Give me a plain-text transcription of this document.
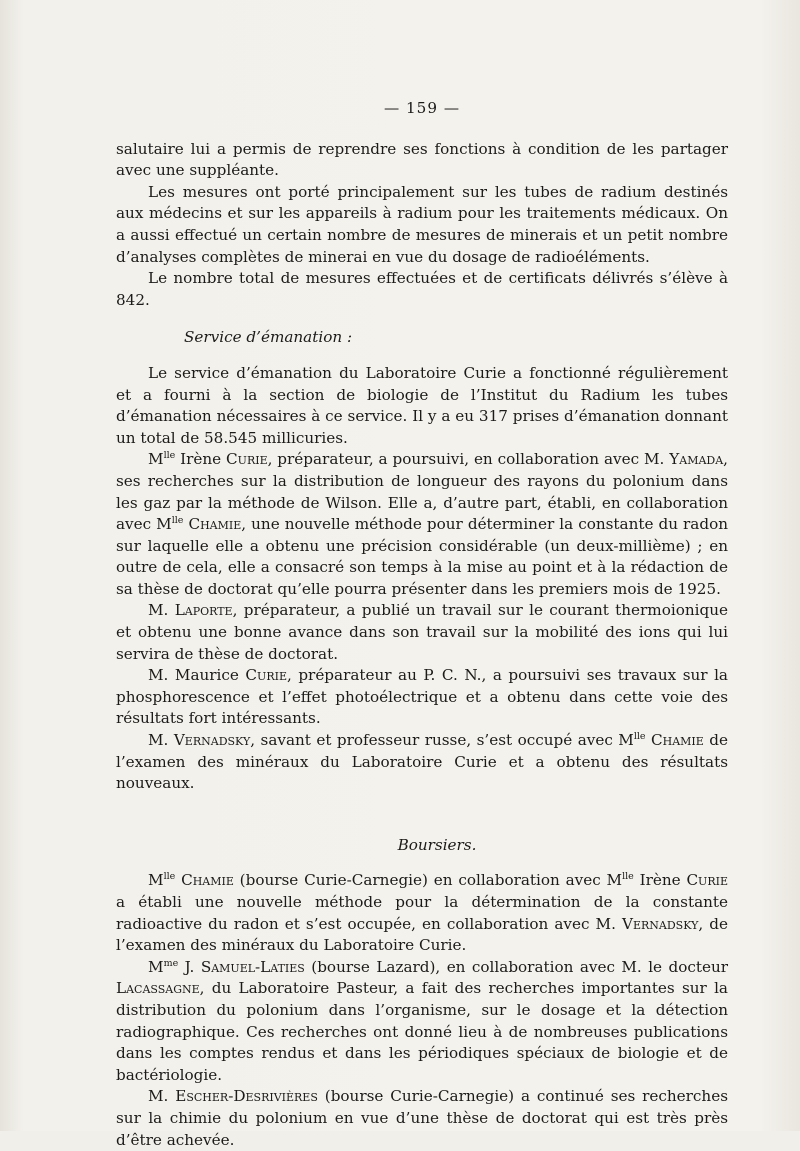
— 159 —

salutaire lui a permis de reprendre ses fonctions à condition de les partager avec une suppléante.

Les mesures ont porté principalement sur les tubes de radium destinés aux médecins et sur les appareils à radium pour les traitements médicaux. On a aussi effectué un certain nombre de mesures de minerais et un petit nombre d’analyses complètes de minerai en vue du dosage de radioéléments.

Le nombre total de mesures effectuées et de certificats délivrés s’élève à 842.

Service d’émanation :

Le service d’émanation du Laboratoire Curie a fonctionné régulièrement et a fourni à la section de biologie de l’Institut du Radium les tubes d’émanation nécessaires à ce service. Il y a eu 317 prises d’émanation donnant un total de 58.545 millicuries.

$M^{lle}$ Irène Curie, préparateur, a poursuivi, en collaboration avec M. Yamada, ses recherches sur la distribution de longueur des rayons du polonium dans les gaz par la méthode de Wilson. Elle a, d’autre part, établi, en collaboration avec $M^{lle}$ Chamie, une nouvelle méthode pour déterminer la constante du radon sur laquelle elle a obtenu une précision considérable (un deux-millième) ; en outre de cela, elle a consacré son temps à la mise au point et à la rédaction de sa thèse de doctorat qu’elle pourra présenter dans les premiers mois de 1925.

M. Laporte, préparateur, a publié un travail sur le courant thermoionique et obtenu une bonne avance dans son travail sur la mobilité des ions qui lui servira de thèse de doctorat.

M. Maurice Curie, préparateur au P. C. N., a poursuivi ses travaux sur la phosphorescence et l’effet photoélectrique et a obtenu dans cette voie des résultats fort intéressants.

M. Vernadsky, savant et professeur russe, s’est occupé avec $M^{lle}$ Chamie de l’examen des minéraux du Laboratoire Curie et a obtenu des résultats nouveaux.

Boursiers.

$M^{lle}$ Chamie (bourse Curie-Carnegie) en collaboration avec $M^{lle}$ Irène Curie a établi une nouvelle méthode pour la détermination de la constante radioactive du radon et s’est occupée, en collaboration avec M. Vernadsky, de l’examen des minéraux du Laboratoire Curie.

$M^{me}$ J. Samuel-Laties (bourse Lazard), en collaboration avec M. le docteur Lacassagne, du Laboratoire Pasteur, a fait des recherches importantes sur la distribution du polonium dans l’organisme, sur le dosage et la détection radiographique. Ces recherches ont donné lieu à de nombreuses publications dans les comptes rendus et dans les périodiques spéciaux de biologie et de bactériologie.

M. Escher-Desrivières (bourse Curie-Carnegie) a continué ses recherches sur la chimie du polonium en vue d’une thèse de doctorat qui est très près d’être achevée.
